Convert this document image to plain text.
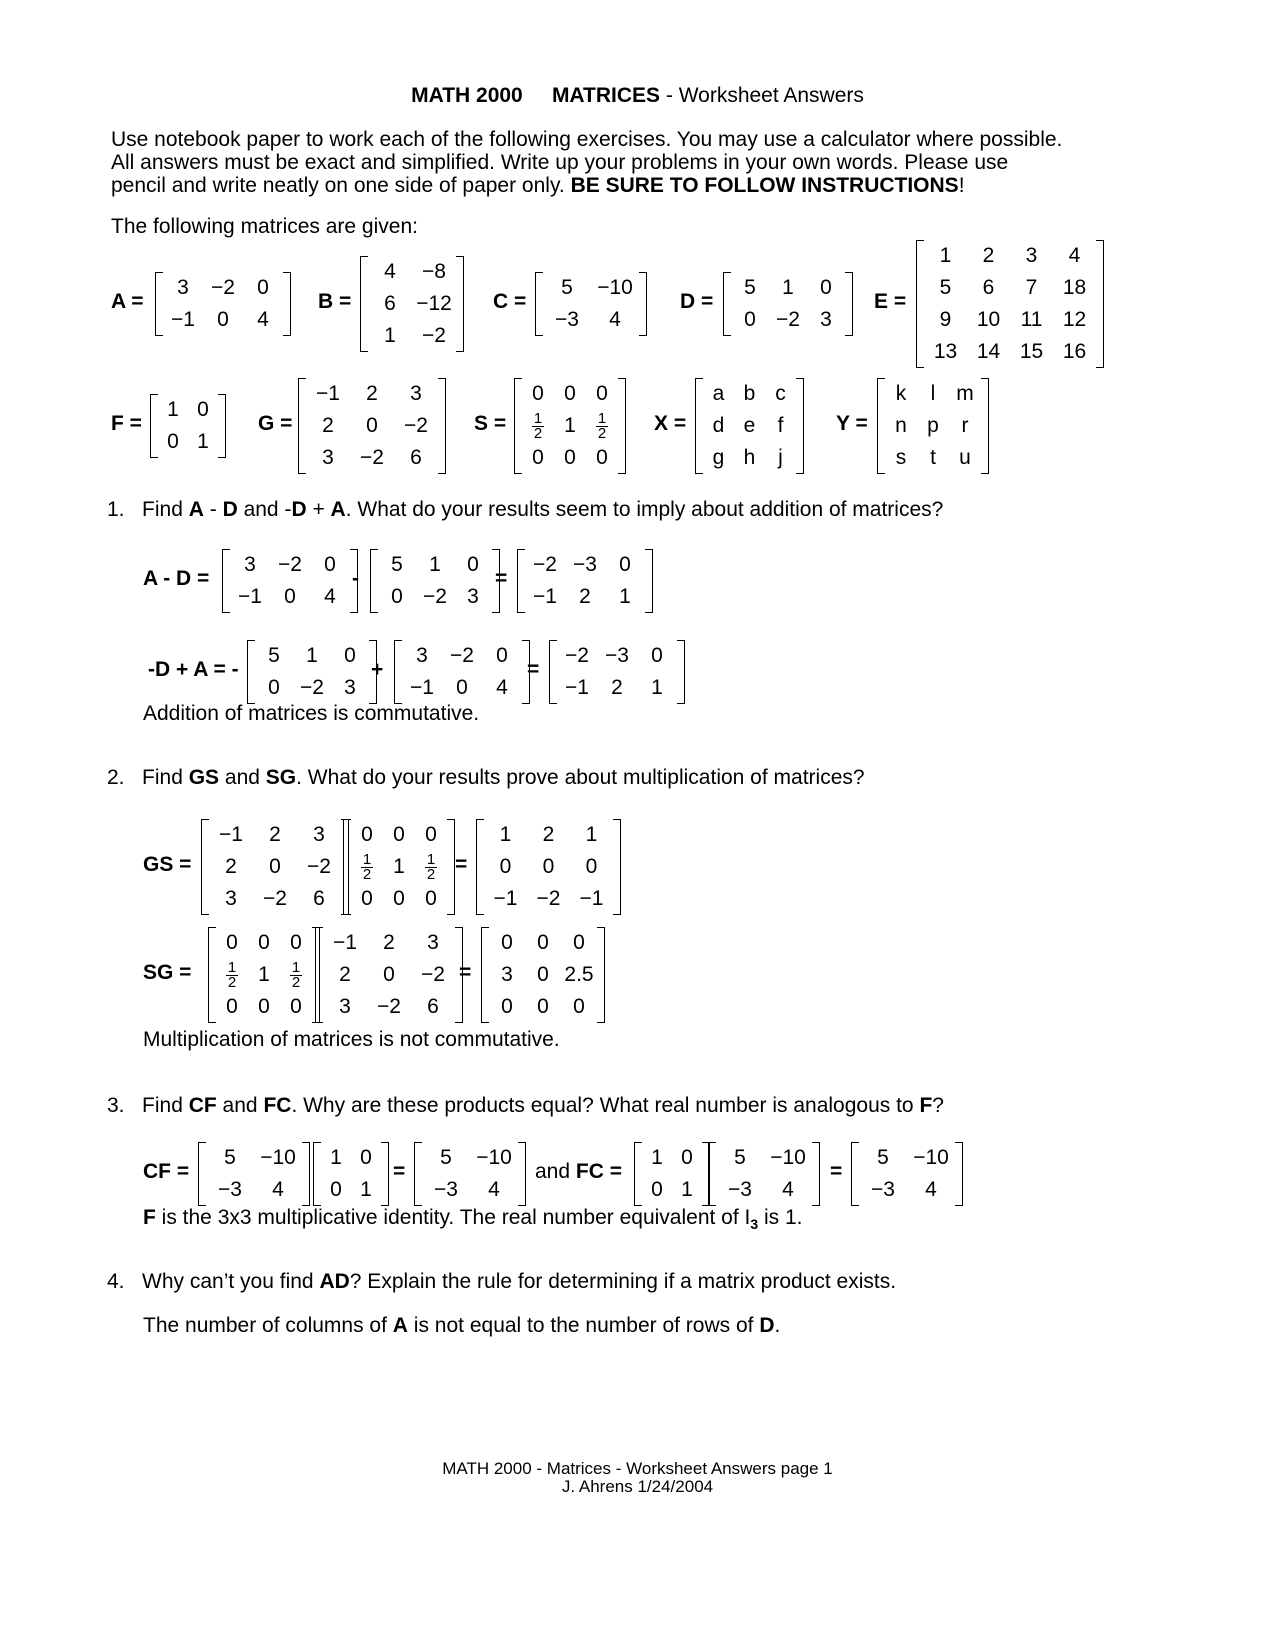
MATH 2000 MATRICES - Worksheet Answers
Use notebook paper to work each of the following exercises. You may use a calculator where possible.
All answers must be exact and simplified. Write up your problems in your own words. Please use
pencil and write neatly on one side of paper only. BE SURE TO FOLLOW INSTRUCTIONS!
The following matrices are given:
A =
3	−2	0
−1	0	4
B =
4	−8
6	−12
1	−2
C =
5	−10
−3	4
D =
5	1	0
0	−2	3
E =
1	2	3	4
5	6	7	18
9	10	11	12
13	14	15	16
F =
1	0
0	1
G =
−1	2	3
2	0	−2
3	−2	6
S =
0	0	0

$\frac{1}{2}$	1	$\frac{1}{2}$

0	0	0
X =
a	b	c
d	e	f
g	h	j
Y =
k	l	m
n	p	r
s	t	u
1. Find A - D and -D + A. What do your results seem to imply about addition of matrices?
A - D =
3	−2	0
−1	0	4
-
5	1	0
0	−2	3
=
−2	−3	0
−1	2	1
-D + A = -
5	1	0
0	−2	3
+
3	−2	0
−1	0	4
=
−2	−3	0
−1	2	1
Addition of matrices is commutative.
2. Find GS and SG. What do your results prove about multiplication of matrices?
GS =
−1	2	3
2	0	−2
3	−2	6
0	0	0

$\frac{1}{2}$	1	$\frac{1}{2}$

0	0	0
=
1	2	1
0	0	0
−1	−2	−1
SG =
0	0	0

$\frac{1}{2}$	1	$\frac{1}{2}$

0	0	0
−1	2	3
2	0	−2
3	−2	6
=
0	0	0
3	0	2.5
0	0	0
Multiplication of matrices is not commutative.
3. Find CF and FC. Why are these products equal? What real number is analogous to F?
CF =
5	−10
−3	4
1	0
0	1
=
5	−10
−3	4
and FC =
1	0
0	1
5	−10
−3	4
=
5	−10
−3	4
F is the 3x3 multiplicative identity. The real number equivalent of $I_3$ is 1.
4. Why can’t you find AD? Explain the rule for determining if a matrix product exists.
The number of columns of A is not equal to the number of rows of D.
MATH 2000 - Matrices - Worksheet Answers page 1
J. Ahrens 1/24/2004
